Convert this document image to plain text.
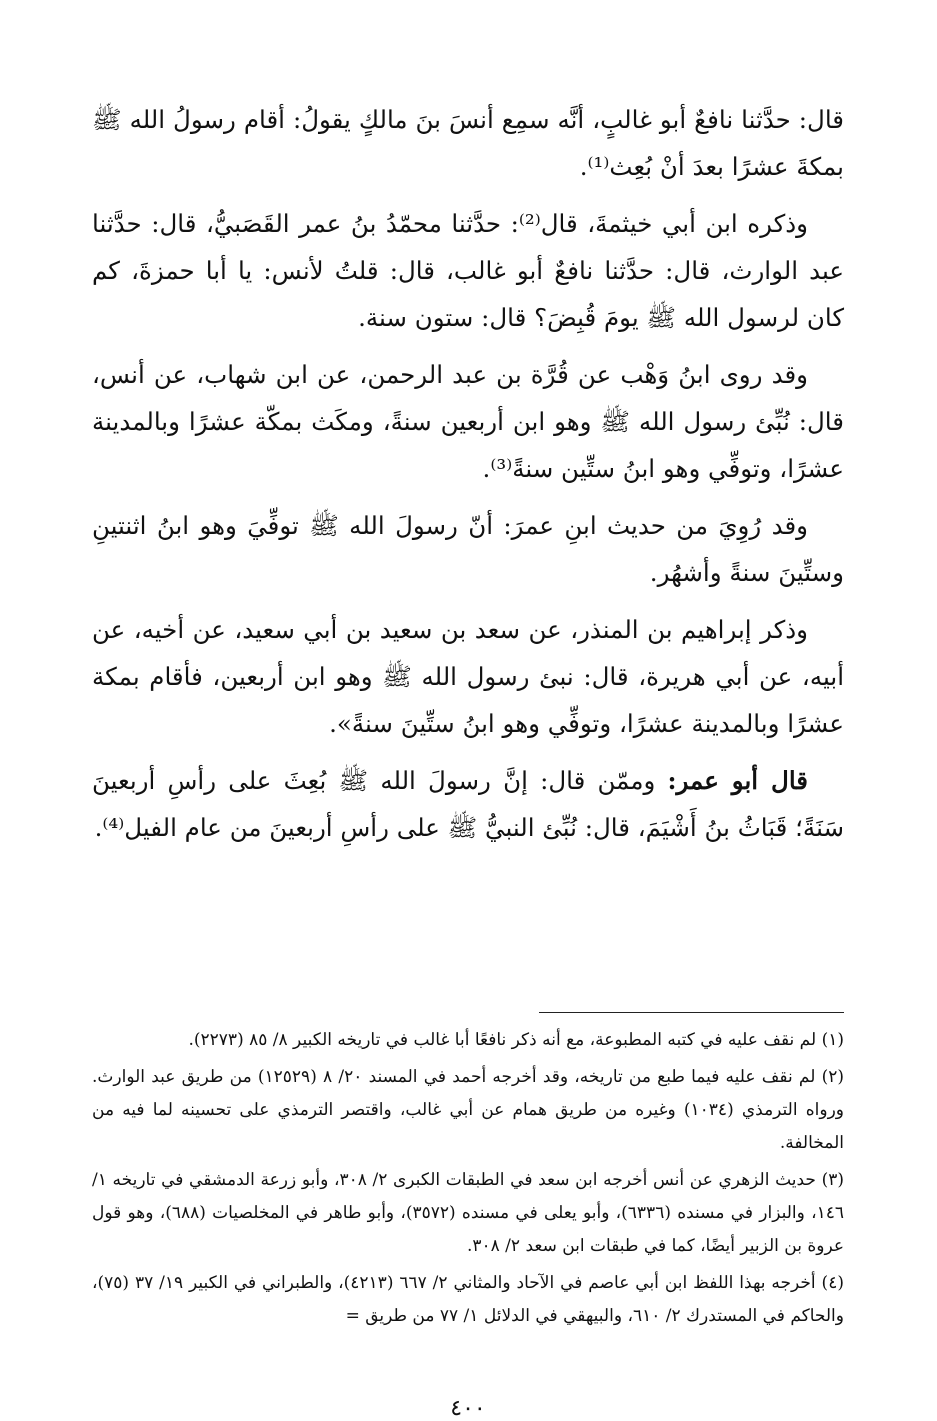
قال: حدَّثنا نافعٌ أبو غالبٍ، أنَّه سمِع أنسَ بنَ مالكٍ يقولُ: أقام رسولُ الله ﷺ بمكةَ عشرًا بعدَ أنْ بُعِث⁽¹⁾.

وذكره ابن أبي خيثمةَ، قال⁽²⁾: حدَّثنا محمّدُ بنُ عمر القَصَبيُّ، قال: حدَّثنا عبد الوارث، قال: حدَّثنا نافعٌ أبو غالب، قال: قلتُ لأنس: يا أبا حمزةَ، كم كان لرسول الله ﷺ يومَ قُبِضَ؟ قال: ستون سنة.

وقد روى ابنُ وَهْب عن قُرَّة بن عبد الرحمن، عن ابن شهاب، عن أنس، قال: نُبِّئ رسول الله ﷺ وهو ابن أربعين سنةً، ومكَث بمكّة عشرًا وبالمدينة عشرًا، وتوفِّي وهو ابنُ ستِّين سنةً⁽³⁾.

وقد رُوِيَ من حديث ابنِ عمرَ: أنّ رسولَ الله ﷺ توفِّيَ وهو ابنُ اثنتينِ وستِّينَ سنةً وأشهُر.

وذكر إبراهيم بن المنذر، عن سعد بن سعيد بن أبي سعيد، عن أخيه، عن أبيه، عن أبي هريرة، قال: نبئ رسول الله ﷺ وهو ابن أربعين، فأقام بمكة عشرًا وبالمدينة عشرًا، وتوفِّي وهو ابنُ ستِّينَ سنةً».

قال أبو عمر: وممّن قال: إنَّ رسولَ الله ﷺ بُعِثَ على رأسِ أربعينَ سَنَةً؛ قَبَاثُ بنُ أَشْيَمَ، قال: نُبِّئ النبيُّ ﷺ على رأسِ أربعينَ من عام الفيل⁽⁴⁾.

(١) لم نقف عليه في كتبه المطبوعة، مع أنه ذكر نافعًا أبا غالب في تاريخه الكبير ٨/ ٨٥ (٢٢٧٣).

(٢) لم نقف عليه فيما طبع من تاريخه، وقد أخرجه أحمد في المسند ٢٠/ ٨ (١٢٥٢٩) من طريق عبد الوارث. ورواه الترمذي (١٠٣٤) وغيره من طريق همام عن أبي غالب، واقتصر الترمذي على تحسينه لما فيه من المخالفة.

(٣) حديث الزهري عن أنس أخرجه ابن سعد في الطبقات الكبرى ٢/ ٣٠٨، وأبو زرعة الدمشقي في تاريخه ١/ ١٤٦، والبزار في مسنده (٦٣٣٦)، وأبو يعلى في مسنده (٣٥٧٢)، وأبو طاهر في المخلصيات (٦٨٨)، وهو قول عروة بن الزبير أيضًا، كما في طبقات ابن سعد ٢/ ٣٠٨.

(٤) أخرجه بهذا اللفظ ابن أبي عاصم في الآحاد والمثاني ٢/ ٦٦٧ (٤٢١٣)، والطبراني في الكبير ١٩/ ٣٧ (٧٥)، والحاكم في المستدرك ٢/ ٦١٠، والبيهقي في الدلائل ١/ ٧٧ من طريق =

٤٠٠
